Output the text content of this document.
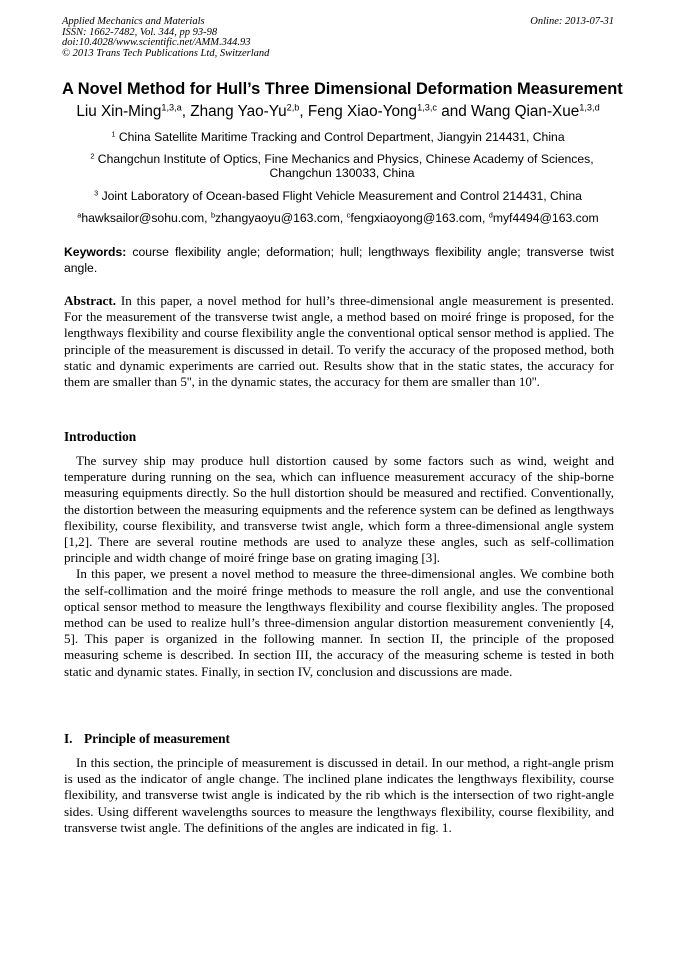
Applied Mechanics and Materials
ISSN: 1662-7482, Vol. 344, pp 93-98
doi:10.4028/www.scientific.net/AMM.344.93
© 2013 Trans Tech Publications Ltd, Switzerland
Online: 2013-07-31
A Novel Method for Hull’s Three Dimensional Deformation Measurement
Liu Xin-Ming$^{1,3,a}$, Zhang Yao-Yu$^{2,b}$, Feng Xiao-Yong$^{1,3,c}$ and Wang Qian-Xue$^{1,3,d}$
$^1$ China Satellite Maritime Tracking and Control Department, Jiangyin 214431, China
$^2$ Changchun Institute of Optics, Fine Mechanics and Physics, Chinese Academy of Sciences, Changchun 130033, China
$^3$ Joint Laboratory of Ocean-based Flight Vehicle Measurement and Control 214431, China
$^a$hawksailor@sohu.com, $^b$zhangyaoyu@163.com, $^c$fengxiaoyong@163.com, $^d$myf4494@163.com
Keywords: course flexibility angle; deformation; hull; lengthways flexibility angle; transverse twist angle.

Abstract. In this paper, a novel method for hull’s three-dimensional angle measurement is presented. For the measurement of the transverse twist angle, a method based on moiré fringe is proposed, for the lengthways flexibility and course flexibility angle the conventional optical sensor method is applied. The principle of the measurement is discussed in detail. To verify the accuracy of the proposed method, both static and dynamic experiments are carried out. Results show that in the static states, the accuracy for them are smaller than 5'', in the dynamic states, the accuracy for them are smaller than 10''.

Introduction

The survey ship may produce hull distortion caused by some factors such as wind, weight and temperature during running on the sea, which can influence measurement accuracy of the ship-borne measuring equipments directly. So the hull distortion should be measured and rectified. Conventionally, the distortion between the measuring equipments and the reference system can be defined as lengthways flexibility, course flexibility, and transverse twist angle, which form a three-dimensional angle system [1,2]. There are several routine methods are used to analyze these angles, such as self-collimation principle and width change of moiré fringe base on grating imaging [3].

In this paper, we present a novel method to measure the three-dimensional angles. We combine both the self-collimation and the moiré fringe methods to measure the roll angle, and use the conventional optical sensor method to measure the lengthways flexibility and course flexibility angles. The proposed method can be used to realize hull’s three-dimension angular distortion measurement conveniently [4, 5]. This paper is organized in the following manner. In section II, the principle of the proposed measuring scheme is described. In section III, the accuracy of the measuring scheme is tested in both static and dynamic states. Finally, in section IV, conclusion and discussions are made.

I. Principle of measurement

In this section, the principle of measurement is discussed in detail. In our method, a right-angle prism is used as the indicator of angle change. The inclined plane indicates the lengthways flexibility, course flexibility, and transverse twist angle is indicated by the rib which is the intersection of two right-angle sides. Using different wavelengths sources to measure the lengthways flexibility, course flexibility, and transverse twist angle. The definitions of the angles are indicated in fig. 1.
